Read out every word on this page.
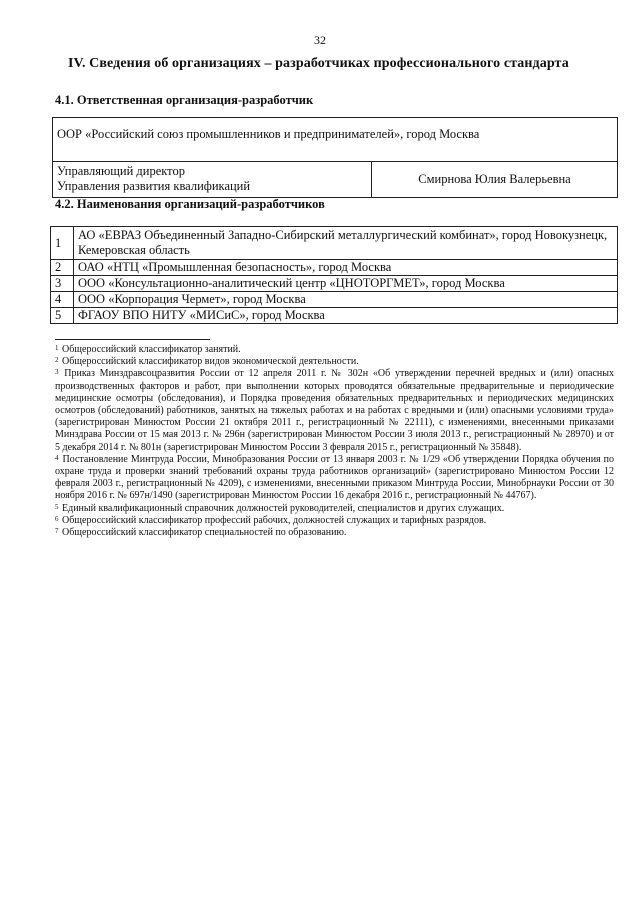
32
IV. Сведения об организациях – разработчиках профессионального стандарта
4.1. Ответственная организация-разработчик
ООР «Российский союз промышленников и предпринимателей», город Москва

Управляющий директор
Управления развития квалификаций	Смирнова Юлия Валерьевна
4.2. Наименования организаций-разработчиков
1	АО «ЕВРАЗ Объединенный Западно-Сибирский металлургический комбинат», город Новокузнецк, Кемеровская область
2	ОАО «НТЦ «Промышленная безопасность», город Москва
3	ООО «Консультационно-аналитический центр «ЦНОТОРГМЕТ», город Москва
4	ООО «Корпорация Чермет», город Москва
5	ФГАОУ ВПО НИТУ «МИСиС», город Москва

$^1$ Общероссийский классификатор занятий.

$^2$ Общероссийский классификатор видов экономической деятельности.

$^3$ Приказ Минздравсоцразвития России от 12 апреля 2011 г. № 302н «Об утверждении перечней вредных и (или) опасных производственных факторов и работ, при выполнении которых проводятся обязательные предварительные и периодические медицинские осмотры (обследования), и Порядка проведения обязательных предварительных и периодических медицинских осмотров (обследований) работников, занятых на тяжелых работах и на работах с вредными и (или) опасными условиями труда» (зарегистрирован Минюстом России 21 октября 2011 г., регистрационный № 22111), с изменениями, внесенными приказами Минздрава России от 15 мая 2013 г. № 296н (зарегистрирован Минюстом России 3 июля 2013 г., регистрационный № 28970) и от 5 декабря 2014 г. № 801н (зарегистрирован Минюстом России 3 февраля 2015 г., регистрационный № 35848).

$^4$ Постановление Минтруда России, Минобразования России от 13 января 2003 г. № 1/29 «Об утверждении Порядка обучения по охране труда и проверки знаний требований охраны труда работников организаций» (зарегистрировано Минюстом России 12 февраля 2003 г., регистрационный № 4209), с изменениями, внесенными приказом Минтруда России, Минобрнауки России от 30 ноября 2016 г. № 697н/1490 (зарегистрирован Минюстом России 16 декабря 2016 г., регистрационный № 44767).

$^5$ Единый квалификационный справочник должностей руководителей, специалистов и других служащих.

$^6$ Общероссийский классификатор профессий рабочих, должностей служащих и тарифных разрядов.

$^7$ Общероссийский классификатор специальностей по образованию.
